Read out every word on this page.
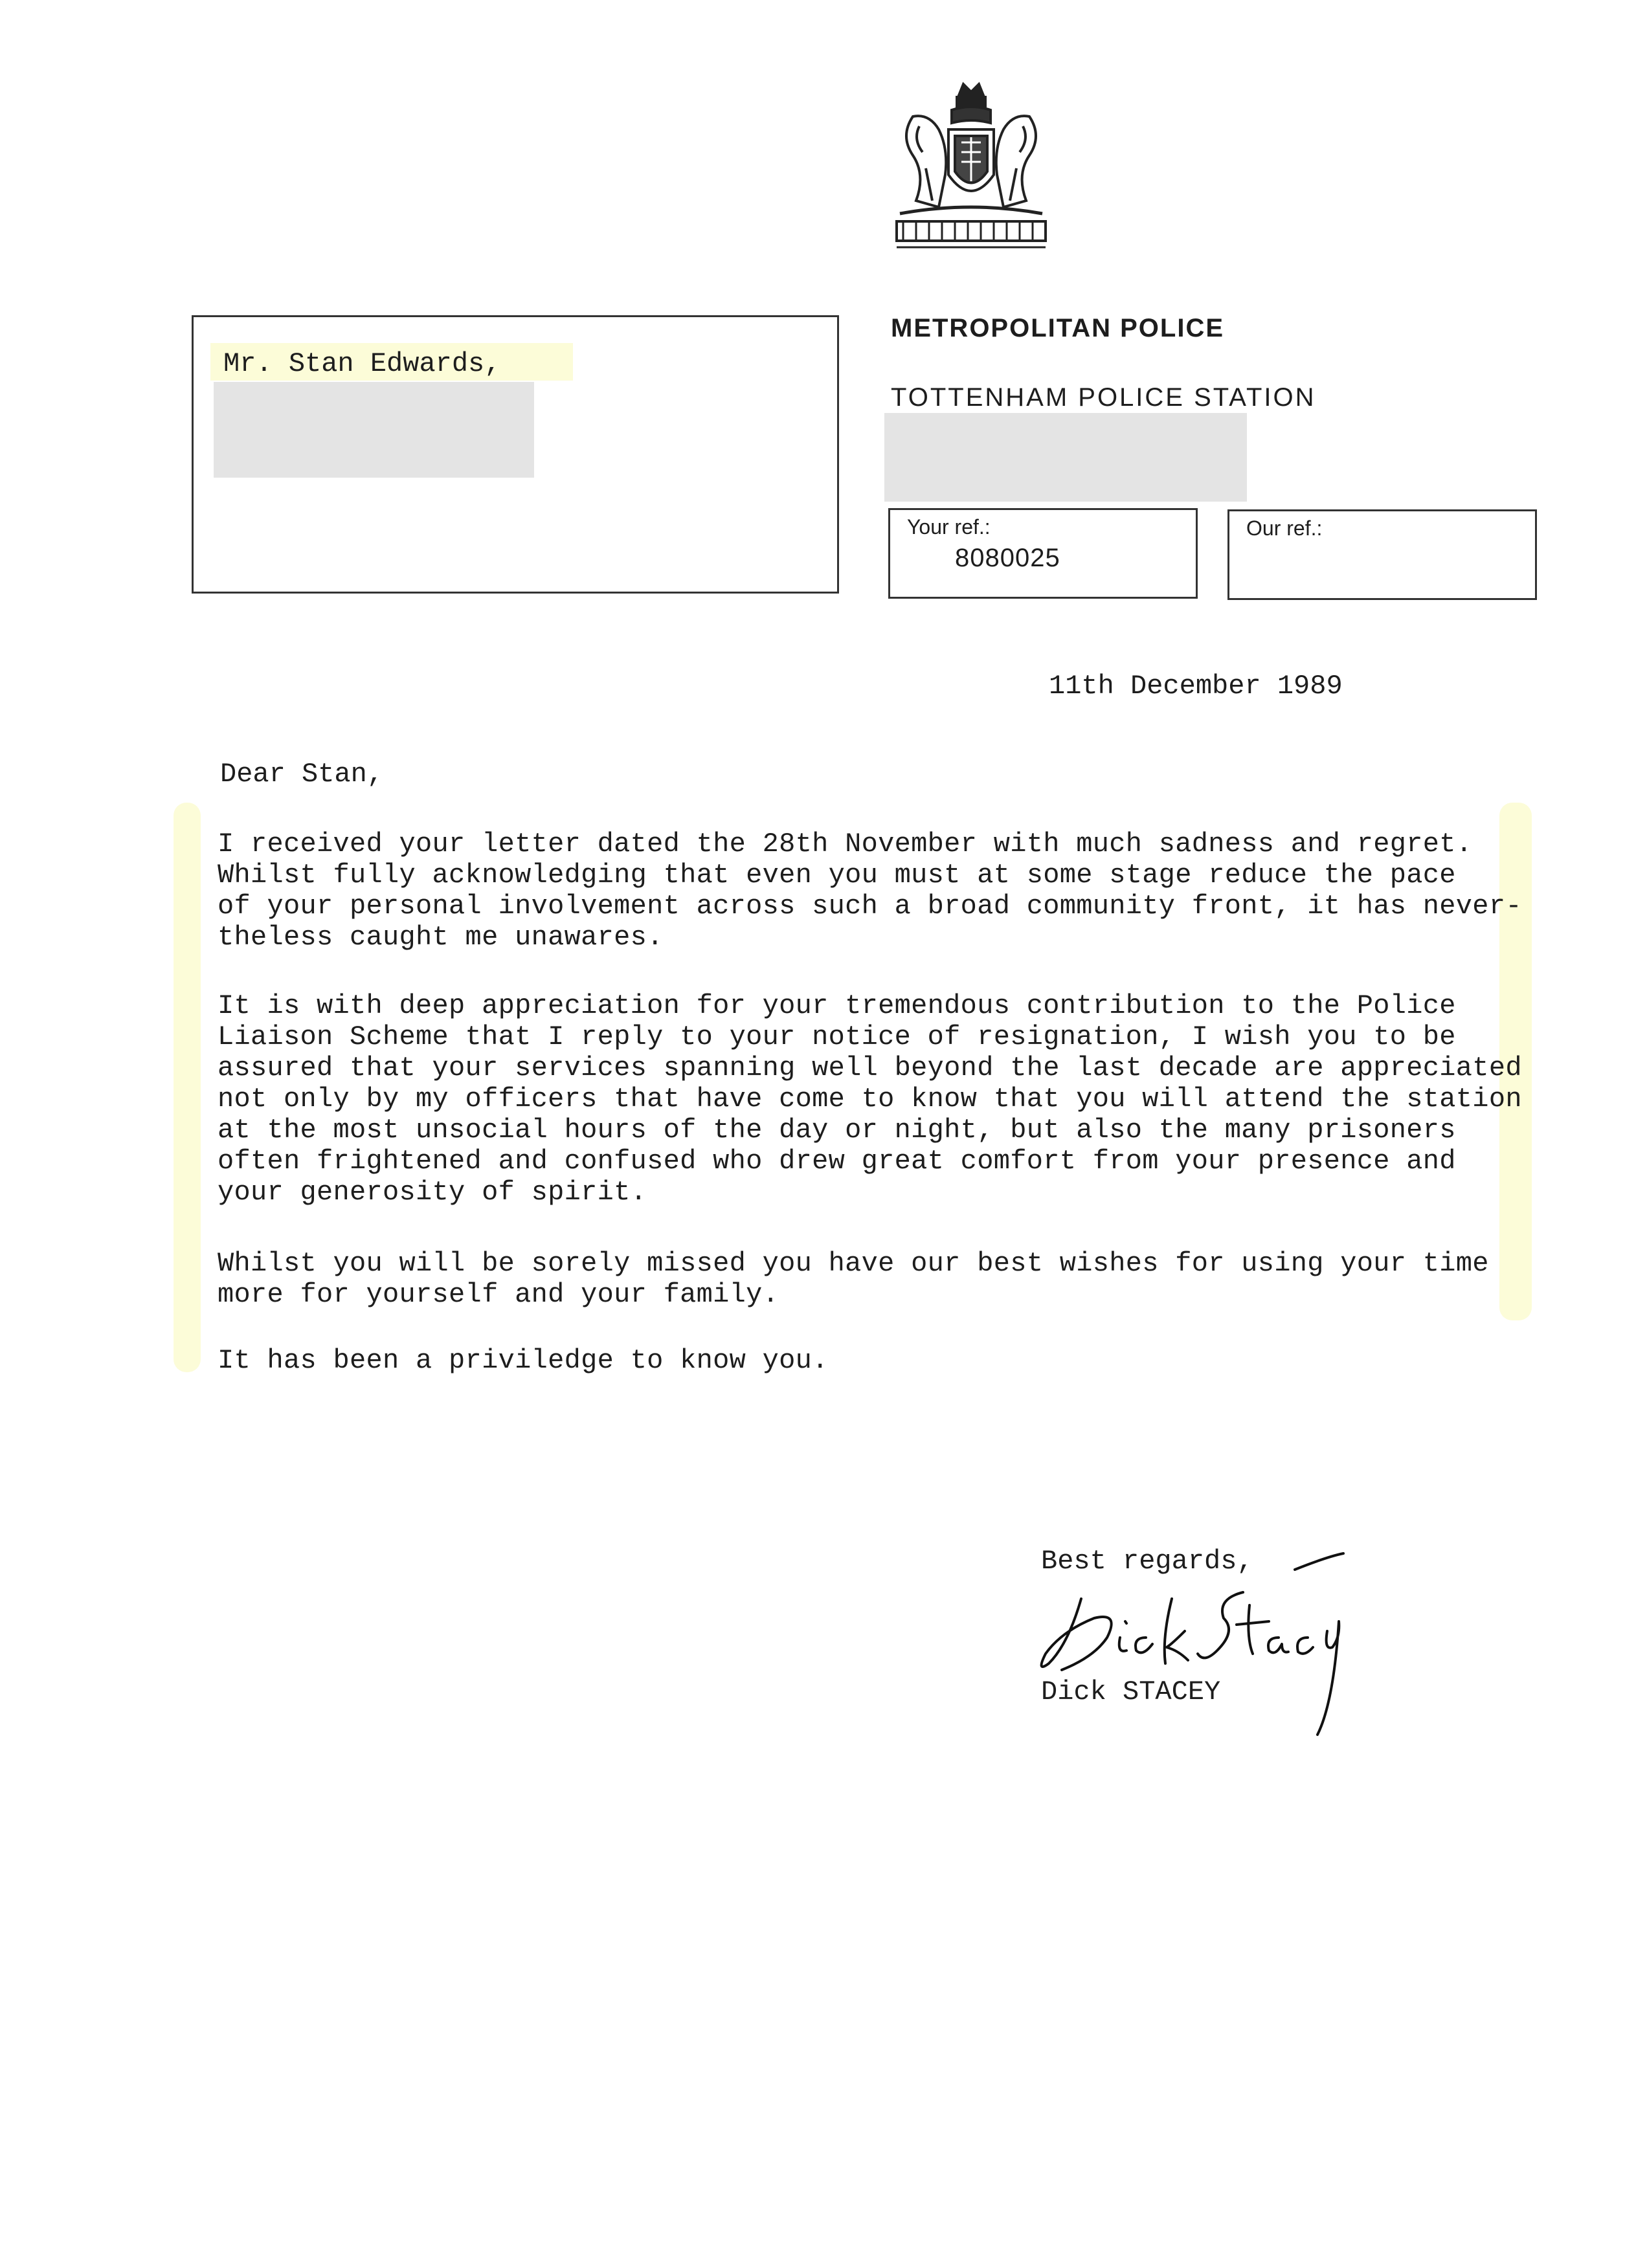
Mr. Stan Edwards,
METROPOLITAN POLICE
TOTTENHAM POLICE STATION
Your ref.:
8080025
Our ref.:
11th December 1989
Dear Stan,
I received your letter dated the 28th November with much sadness and regret.
Whilst fully acknowledging that even you must at some stage reduce the pace
of your personal involvement across such a broad community front, it has never-
theless caught me unawares.
It is with deep appreciation for your tremendous contribution to the Police
Liaison Scheme that I reply to your notice of resignation, I wish you to be
assured that your services spanning well beyond the last decade are appreciated
not only by my officers that have come to know that you will attend the station
at the most unsocial hours of the day or night, but also the many prisoners
often frightened and confused who drew great comfort from your presence and
your generosity of spirit.
Whilst you will be sorely missed you have our best wishes for using your time
more for yourself and your family.
It has been a priviledge to know you.
Best regards,
Dick STACEY
